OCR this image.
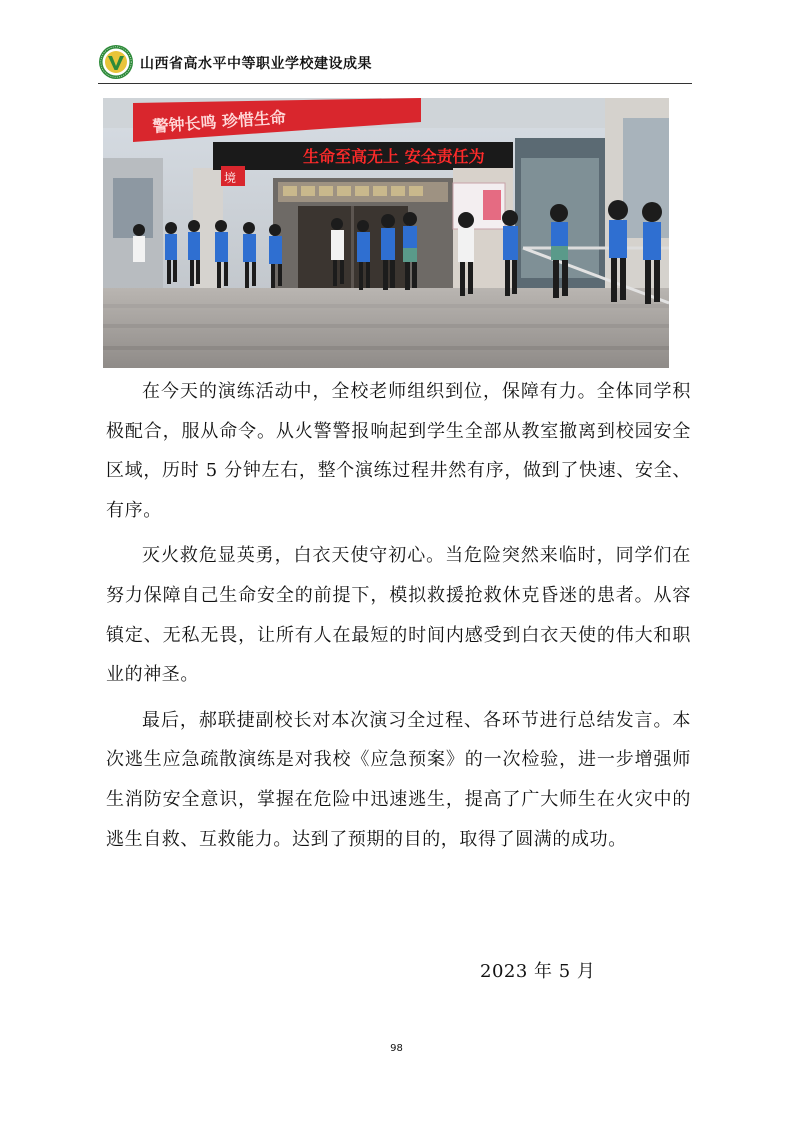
山西省高水平中等职业学校建设成果
警钟长鸣 珍惜生命
生命至高无上 安全责任为
境

在今天的演练活动中，全校老师组织到位，保障有力。全体同学积极配合，服从命令。从火警警报响起到学生全部从教室撤离到校园安全区域，历时 5 分钟左右，整个演练过程井然有序，做到了快速、安全、有序。

灭火救危显英勇，白衣天使守初心。当危险突然来临时，同学们在努力保障自己生命安全的前提下，模拟救援抢救休克昏迷的患者。从容镇定、无私无畏，让所有人在最短的时间内感受到白衣天使的伟大和职业的神圣。

最后，郝联捷副校长对本次演习全过程、各环节进行总结发言。本次逃生应急疏散演练是对我校《应急预案》的一次检验，进一步增强师生消防安全意识，掌握在危险中迅速逃生，提高了广大师生在火灾中的逃生自救、互救能力。达到了预期的目的，取得了圆满的成功。

2023 年 5 月
98
